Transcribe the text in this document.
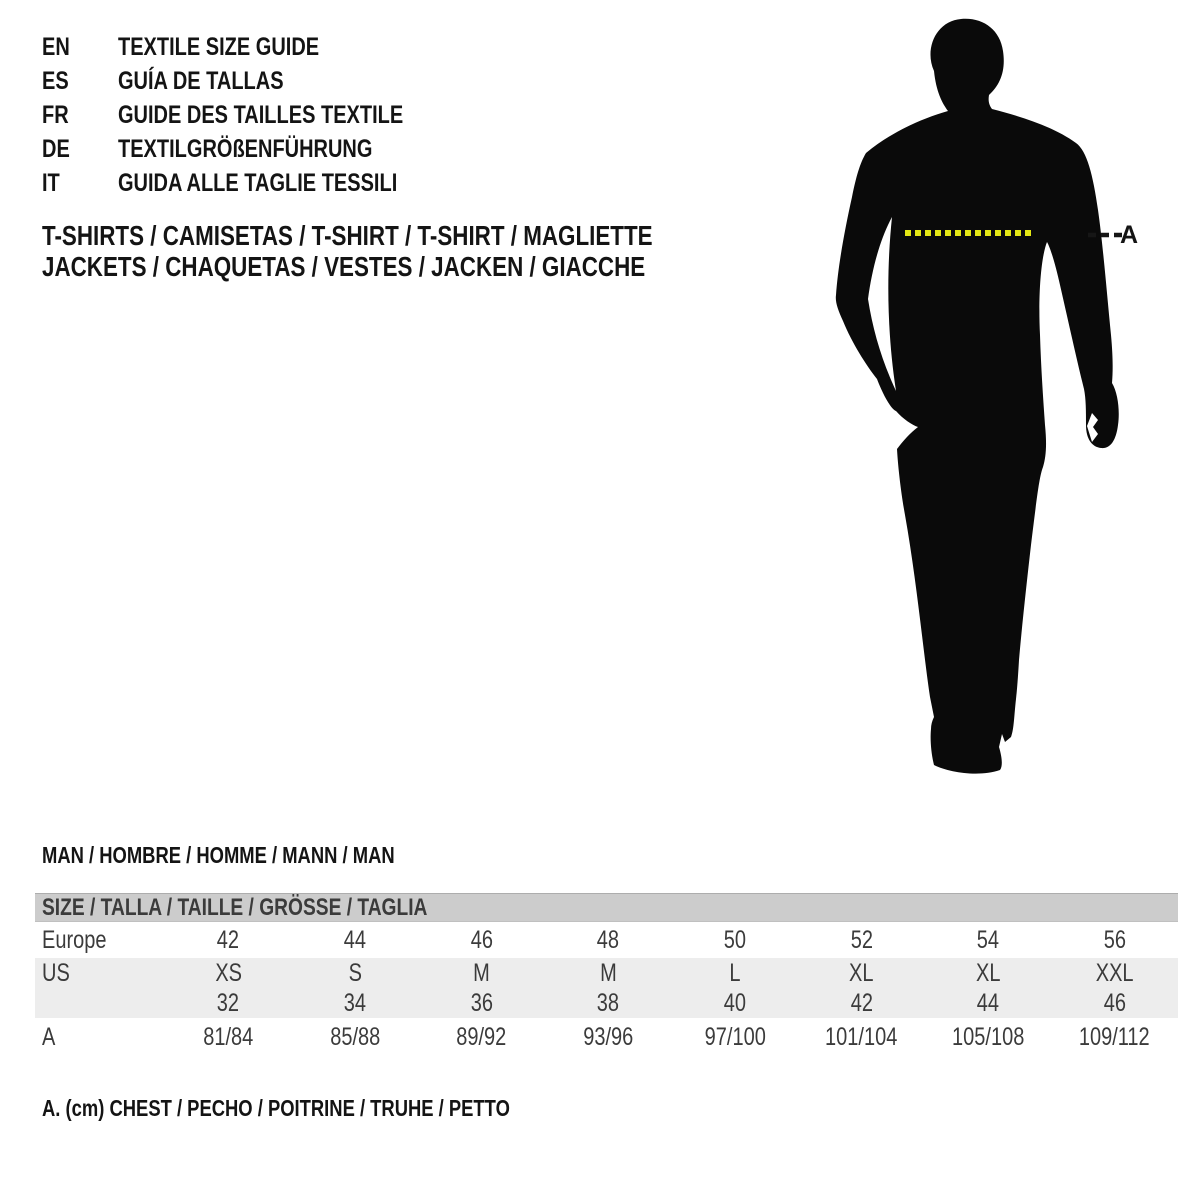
EN	TEXTILE SIZE GUIDE
ES	GUÍA DE TALLAS
FR	GUIDE DES TAILLES TEXTILE
DE	TEXTILGRÖßENFÜHRUNG
IT	GUIDA ALLE TAGLIE TESSILI
T-SHIRTS / CAMISETAS / T-SHIRT / T-SHIRT / MAGLIETTE
JACKETS / CHAQUETAS / VESTES / JACKEN / GIACCHE
A
MAN / HOMBRE / HOMME / MANN / MAN
SIZE / TALLA / TAILLE / GRÖSSE / TAGLIA
Europe	42	44	46	48	50	52	54	56
US	XS	S	M	M	L	XL	XL	XXL
32	34	36	38	40	42	44	46
A	81/84	85/88	89/92	93/96	97/100 101/104 105/108 109/112
A. (cm) CHEST / PECHO / POITRINE / TRUHE / PETTO
